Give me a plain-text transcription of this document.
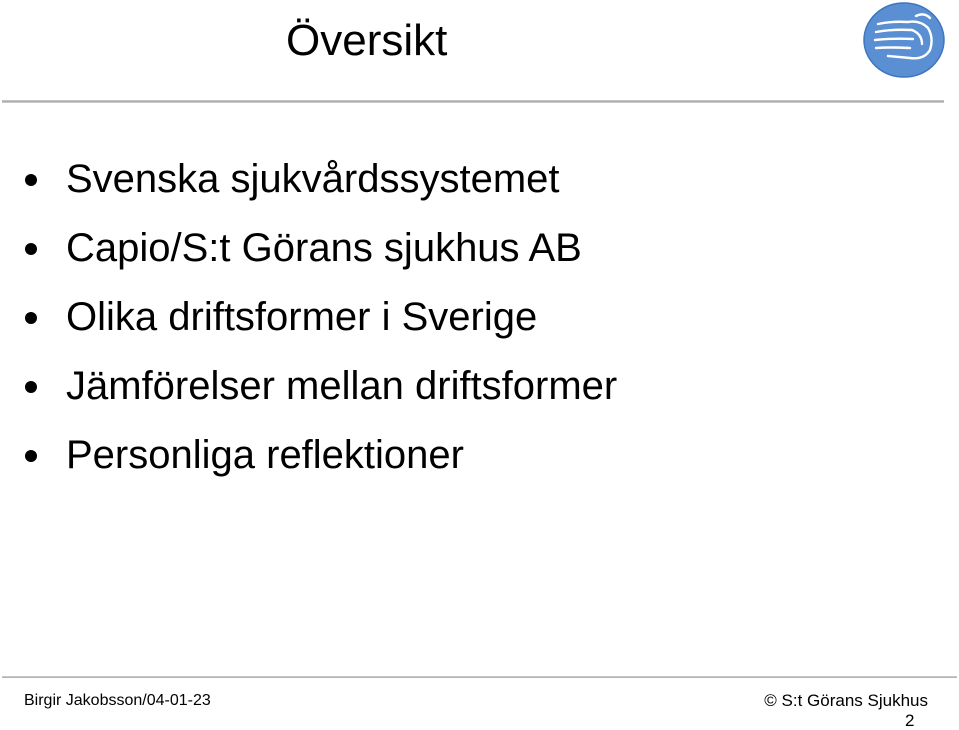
Översikt
Svenska sjukvårdssystemet
Capio/S:t Görans sjukhus AB
Olika driftsformer i Sverige
Jämförelser mellan driftsformer
Personliga reflektioner
Birgir Jakobsson/04-01-23	© S:t Görans Sjukhus
2
